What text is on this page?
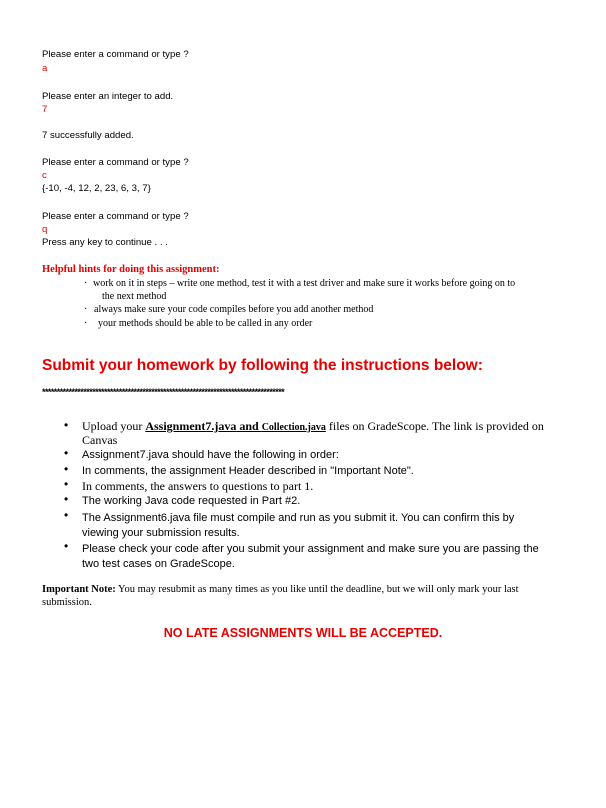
Please enter a command or type ?
a
Please enter an integer to add.
7
7 successfully added.
Please enter a command or type ?
c
{-10, -4, 12, 2, 23, 6, 3, 7}
Please enter a command or type ?
q
Press any key to continue . . .
Helpful hints for doing this assignment:
· work on it in steps – write one method, test it with a test driver and make sure it works before going on to
the next method
· always make sure your code compiles before you add another method
· your methods should be able to be called in any order
Submit your homework by following the instructions below:
**********************************************************************************
• Upload your Assignment7.java and Collection.java files on GradeScope. The link is provided on Canvas
• Assignment7.java should have the following in order:
• In comments, the assignment Header described in "Important Note".
• In comments, the answers to questions to part 1.
• The working Java code requested in Part #2.
• The Assignment6.java file must compile and run as you submit it. You can confirm this by viewing your submission results.
• Please check your code after you submit your assignment and make sure you are passing the two test cases on GradeScope.
Important Note: You may resubmit as many times as you like until the deadline, but we will only mark your last submission.
NO LATE ASSIGNMENTS WILL BE ACCEPTED.
